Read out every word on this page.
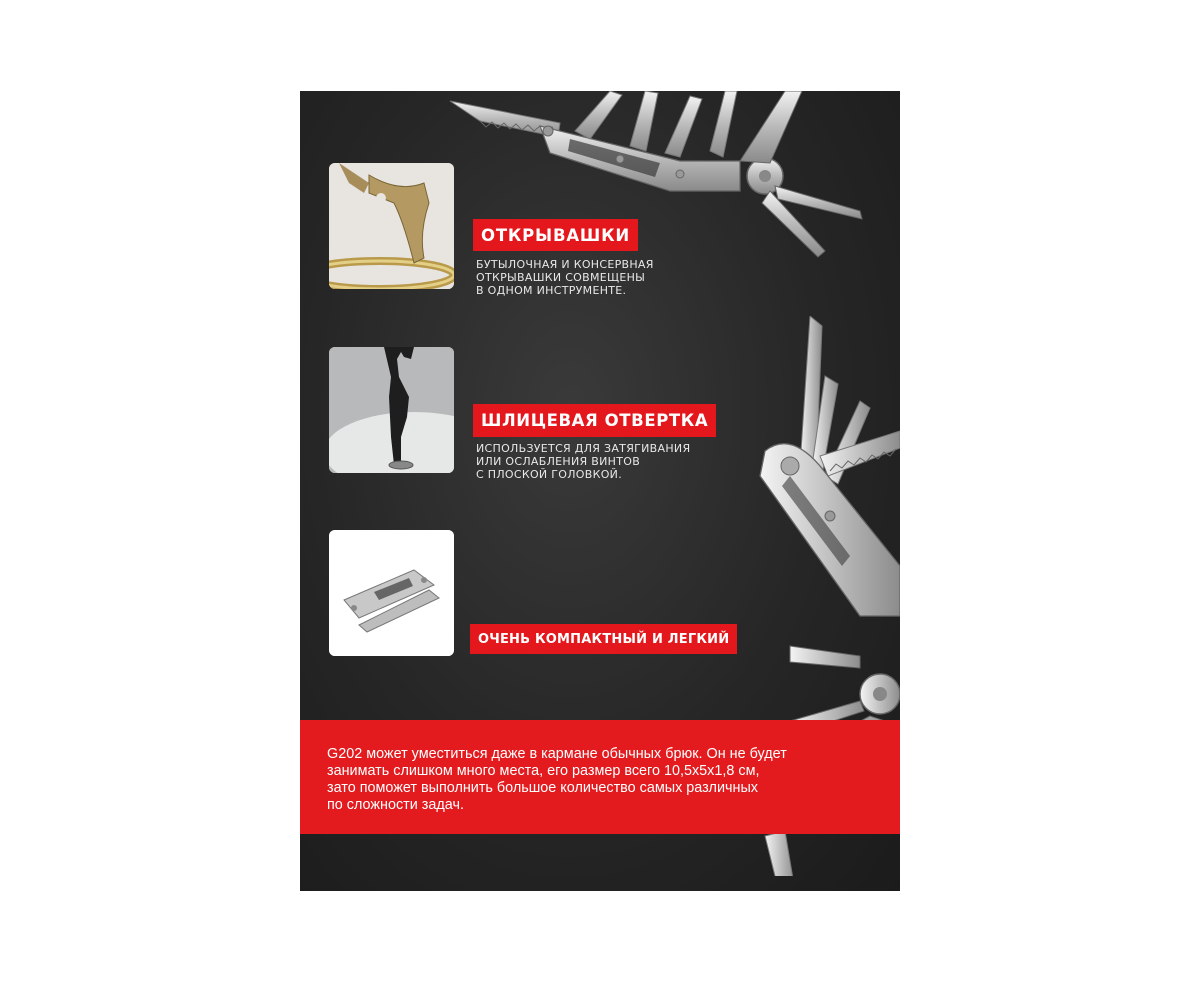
ОТКРЫВАШКИ
БУТЫЛОЧНАЯ И КОНСЕРВНАЯ
ОТКРЫВАШКИ СОВМЕЩЕНЫ
В ОДНОМ ИНСТРУМЕНТЕ.
ШЛИЦЕВАЯ ОТВЕРТКА
ИСПОЛЬЗУЕТСЯ ДЛЯ ЗАТЯГИВАНИЯ
ИЛИ ОСЛАБЛЕНИЯ ВИНТОВ
С ПЛОСКОЙ ГОЛОВКОЙ.
ОЧЕНЬ КОМПАКТНЫЙ И ЛЕГКИЙ
G202 может уместиться даже в кармане обычных брюк. Он не будет
занимать слишком много места, его размер всего 10,5х5х1,8 см,
зато поможет выполнить большое количество самых различных
по сложности задач.
